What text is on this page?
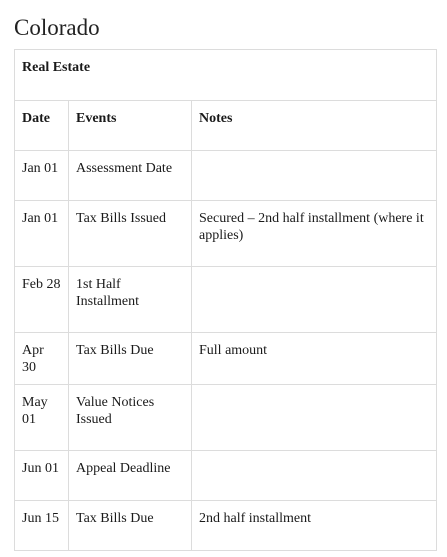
Colorado
Real Estate		
Date	Events	Notes
Jan 01	Assessment Date	
Jan 01	Tax Bills Issued	Secured – 2nd half installment (where it applies)
Feb 28	1st Half Installment	
Apr 30	Tax Bills Due	Full amount
May 01	Value Notices Issued	
Jun 01	Appeal Deadline	
Jun 15	Tax Bills Due	2nd half installment
